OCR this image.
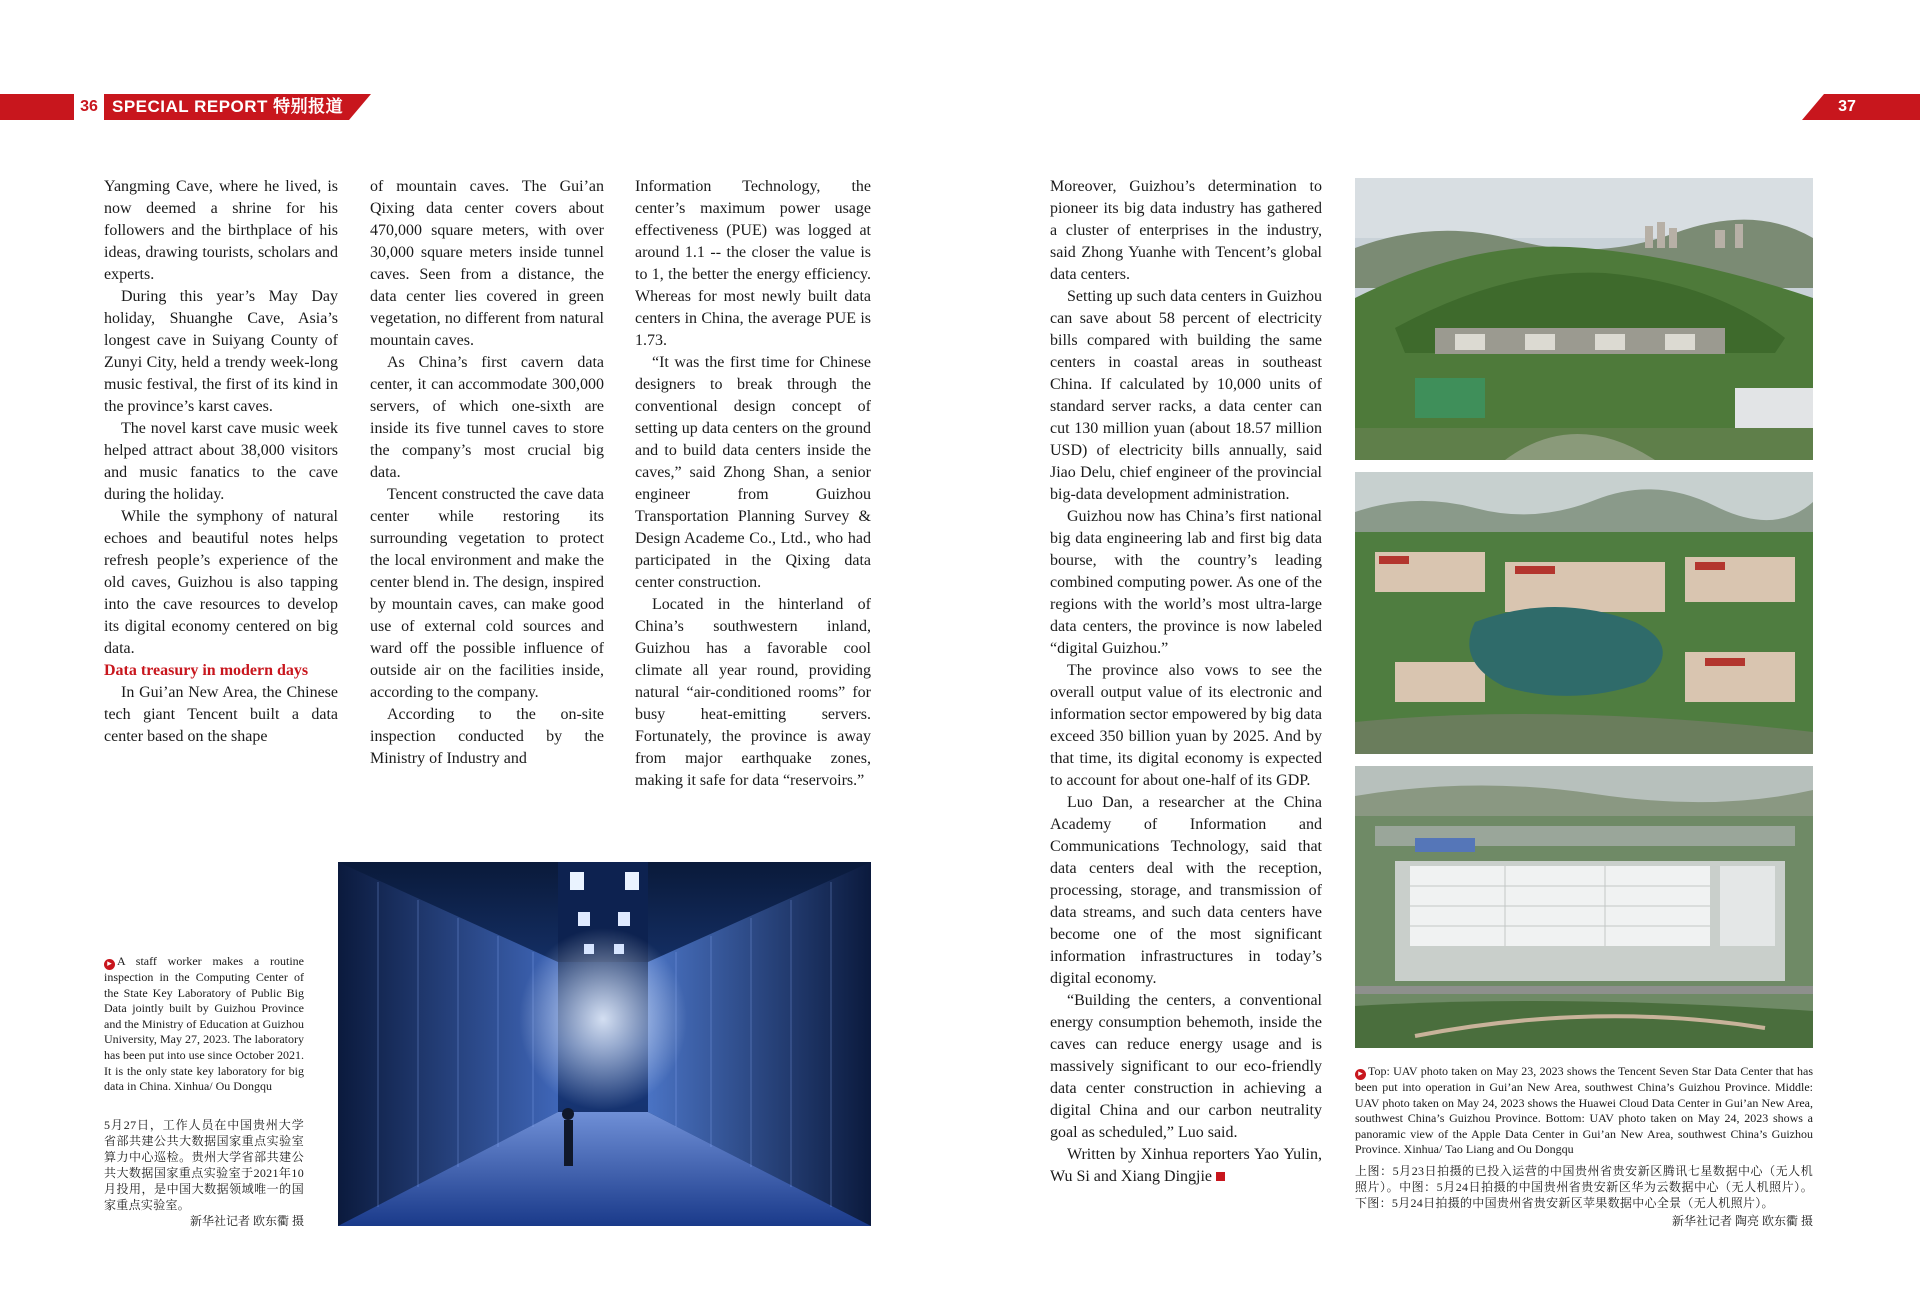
36 SPECIAL REPORT 特别报道	37

Yangming Cave, where he lived, is now deemed a shrine for his followers and the birthplace of his ideas, drawing tourists, scholars and experts.

During this year’s May Day holiday, Shuanghe Cave, Asia’s longest cave in Suiyang County of Zunyi City, held a trendy week-long music festival, the first of its kind in the province’s karst caves.

The novel karst cave music week helped attract about 38,000 visitors and music fanatics to the cave during the holiday.

While the symphony of natural echoes and beautiful notes helps refresh people’s experience of the old caves, Guizhou is also tapping into the cave resources to develop its digital economy centered on big data.

Data treasury in modern days

In Gui’an New Area, the Chinese tech giant Tencent built a data center based on the shape

of mountain caves. The Gui’an Qixing data center covers about 470,000 square meters, with over 30,000 square meters inside tunnel caves. Seen from a distance, the data center lies covered in green vegetation, no different from natural mountain caves.

As China’s first cavern data center, it can accommodate 300,000 servers, of which one-sixth are inside its five tunnel caves to store the company’s most crucial big data.

Tencent constructed the cave data center while restoring its surrounding vegetation to protect the local environment and make the center blend in. The design, inspired by mountain caves, can make good use of external cold sources and ward off the possible influence of outside air on the facilities inside, according to the company.

According to the on-site inspection conducted by the Ministry of Industry and

Information Technology, the center’s maximum power usage effectiveness (PUE) was logged at around 1.1 -- the closer the value is to 1, the better the energy efficiency. Whereas for most newly built data centers in China, the average PUE is 1.73.

“It was the first time for Chinese designers to break through the conventional design concept of setting up data centers on the ground and to build data centers inside the caves,” said Zhong Shan, a senior engineer from Guizhou Transportation Planning Survey & Design Academe Co., Ltd., who had participated in the Qixing data center construction.

Located in the hinterland of China’s southwestern inland, Guizhou has a favorable cool climate all year round, providing natural “air-conditioned rooms” for busy heat-emitting servers. Fortunately, the province is away from major earthquake zones, making it safe for data “reservoirs.”

Moreover, Guizhou’s determination to pioneer its big data industry has gathered a cluster of enterprises in the industry, said Zhong Yuanhe with Tencent’s global data centers.

Setting up such data centers in Guizhou can save about 58 percent of electricity bills compared with building the same centers in coastal areas in southeast China. If calculated by 10,000 units of standard server racks, a data center can cut 130 million yuan (about 18.57 million USD) of electricity bills annually, said Jiao Delu, chief engineer of the provincial big-data development administration.

Guizhou now has China’s first national big data engineering lab and first big data bourse, with the country’s leading combined computing power. As one of the regions with the world’s most ultra-large data centers, the province is now labeled “digital Guizhou.”

The province also vows to see the overall output value of its electronic and information sector empowered by big data exceed 350 billion yuan by 2025. And by that time, its digital economy is expected to account for about one-half of its GDP.

Luo Dan, a researcher at the China Academy of Information and Communications Technology, said that data centers deal with the reception, processing, storage, and transmission of data streams, and such data centers have become one of the most significant information infrastructures in today’s digital economy.

“Building the centers, a conventional energy consumption behemoth, inside the caves can reduce energy usage and is massively significant to our eco-friendly data center construction in achieving a digital China and our carbon neutrality goal as scheduled,” Luo said.

Written by Xinhua reporters Yao Yulin, Wu Si and Xiang Dingjie

▸ A staff worker makes a routine inspection in the Computing Center of the State Key Laboratory of Public Big Data jointly built by Guizhou Province and the Ministry of Education at Guizhou University, May 27, 2023. The laboratory has been put into use since October 2021. It is the only state key laboratory for big data in China. Xinhua/ Ou Dongqu
5月27日，工作人员在中国贵州大学省部共建公共大数据国家重点实验室算力中心巡检。贵州大学省部共建公共大数据国家重点实验室于2021年10月投用，是中国大数据领域唯一的国家重点实验室。
新华社记者 欧东衢 摄
▸ Top: UAV photo taken on May 23, 2023 shows the Tencent Seven Star Data Center that has been put into operation in Gui’an New Area, southwest China’s Guizhou Province. Middle: UAV photo taken on May 24, 2023 shows the Huawei Cloud Data Center in Gui’an New Area, southwest China’s Guizhou Province. Bottom: UAV photo taken on May 24, 2023 shows a panoramic view of the Apple Data Center in Gui’an New Area, southwest China’s Guizhou Province. Xinhua/ Tao Liang and Ou Dongqu
上图：5月23日拍摄的已投入运营的中国贵州省贵安新区腾讯七星数据中心（无人机照片）。中图：5月24日拍摄的中国贵州省贵安新区华为云数据中心（无人机照片）。下图：5月24日拍摄的中国贵州省贵安新区苹果数据中心全景（无人机照片）。
新华社记者 陶亮 欧东衢 摄
